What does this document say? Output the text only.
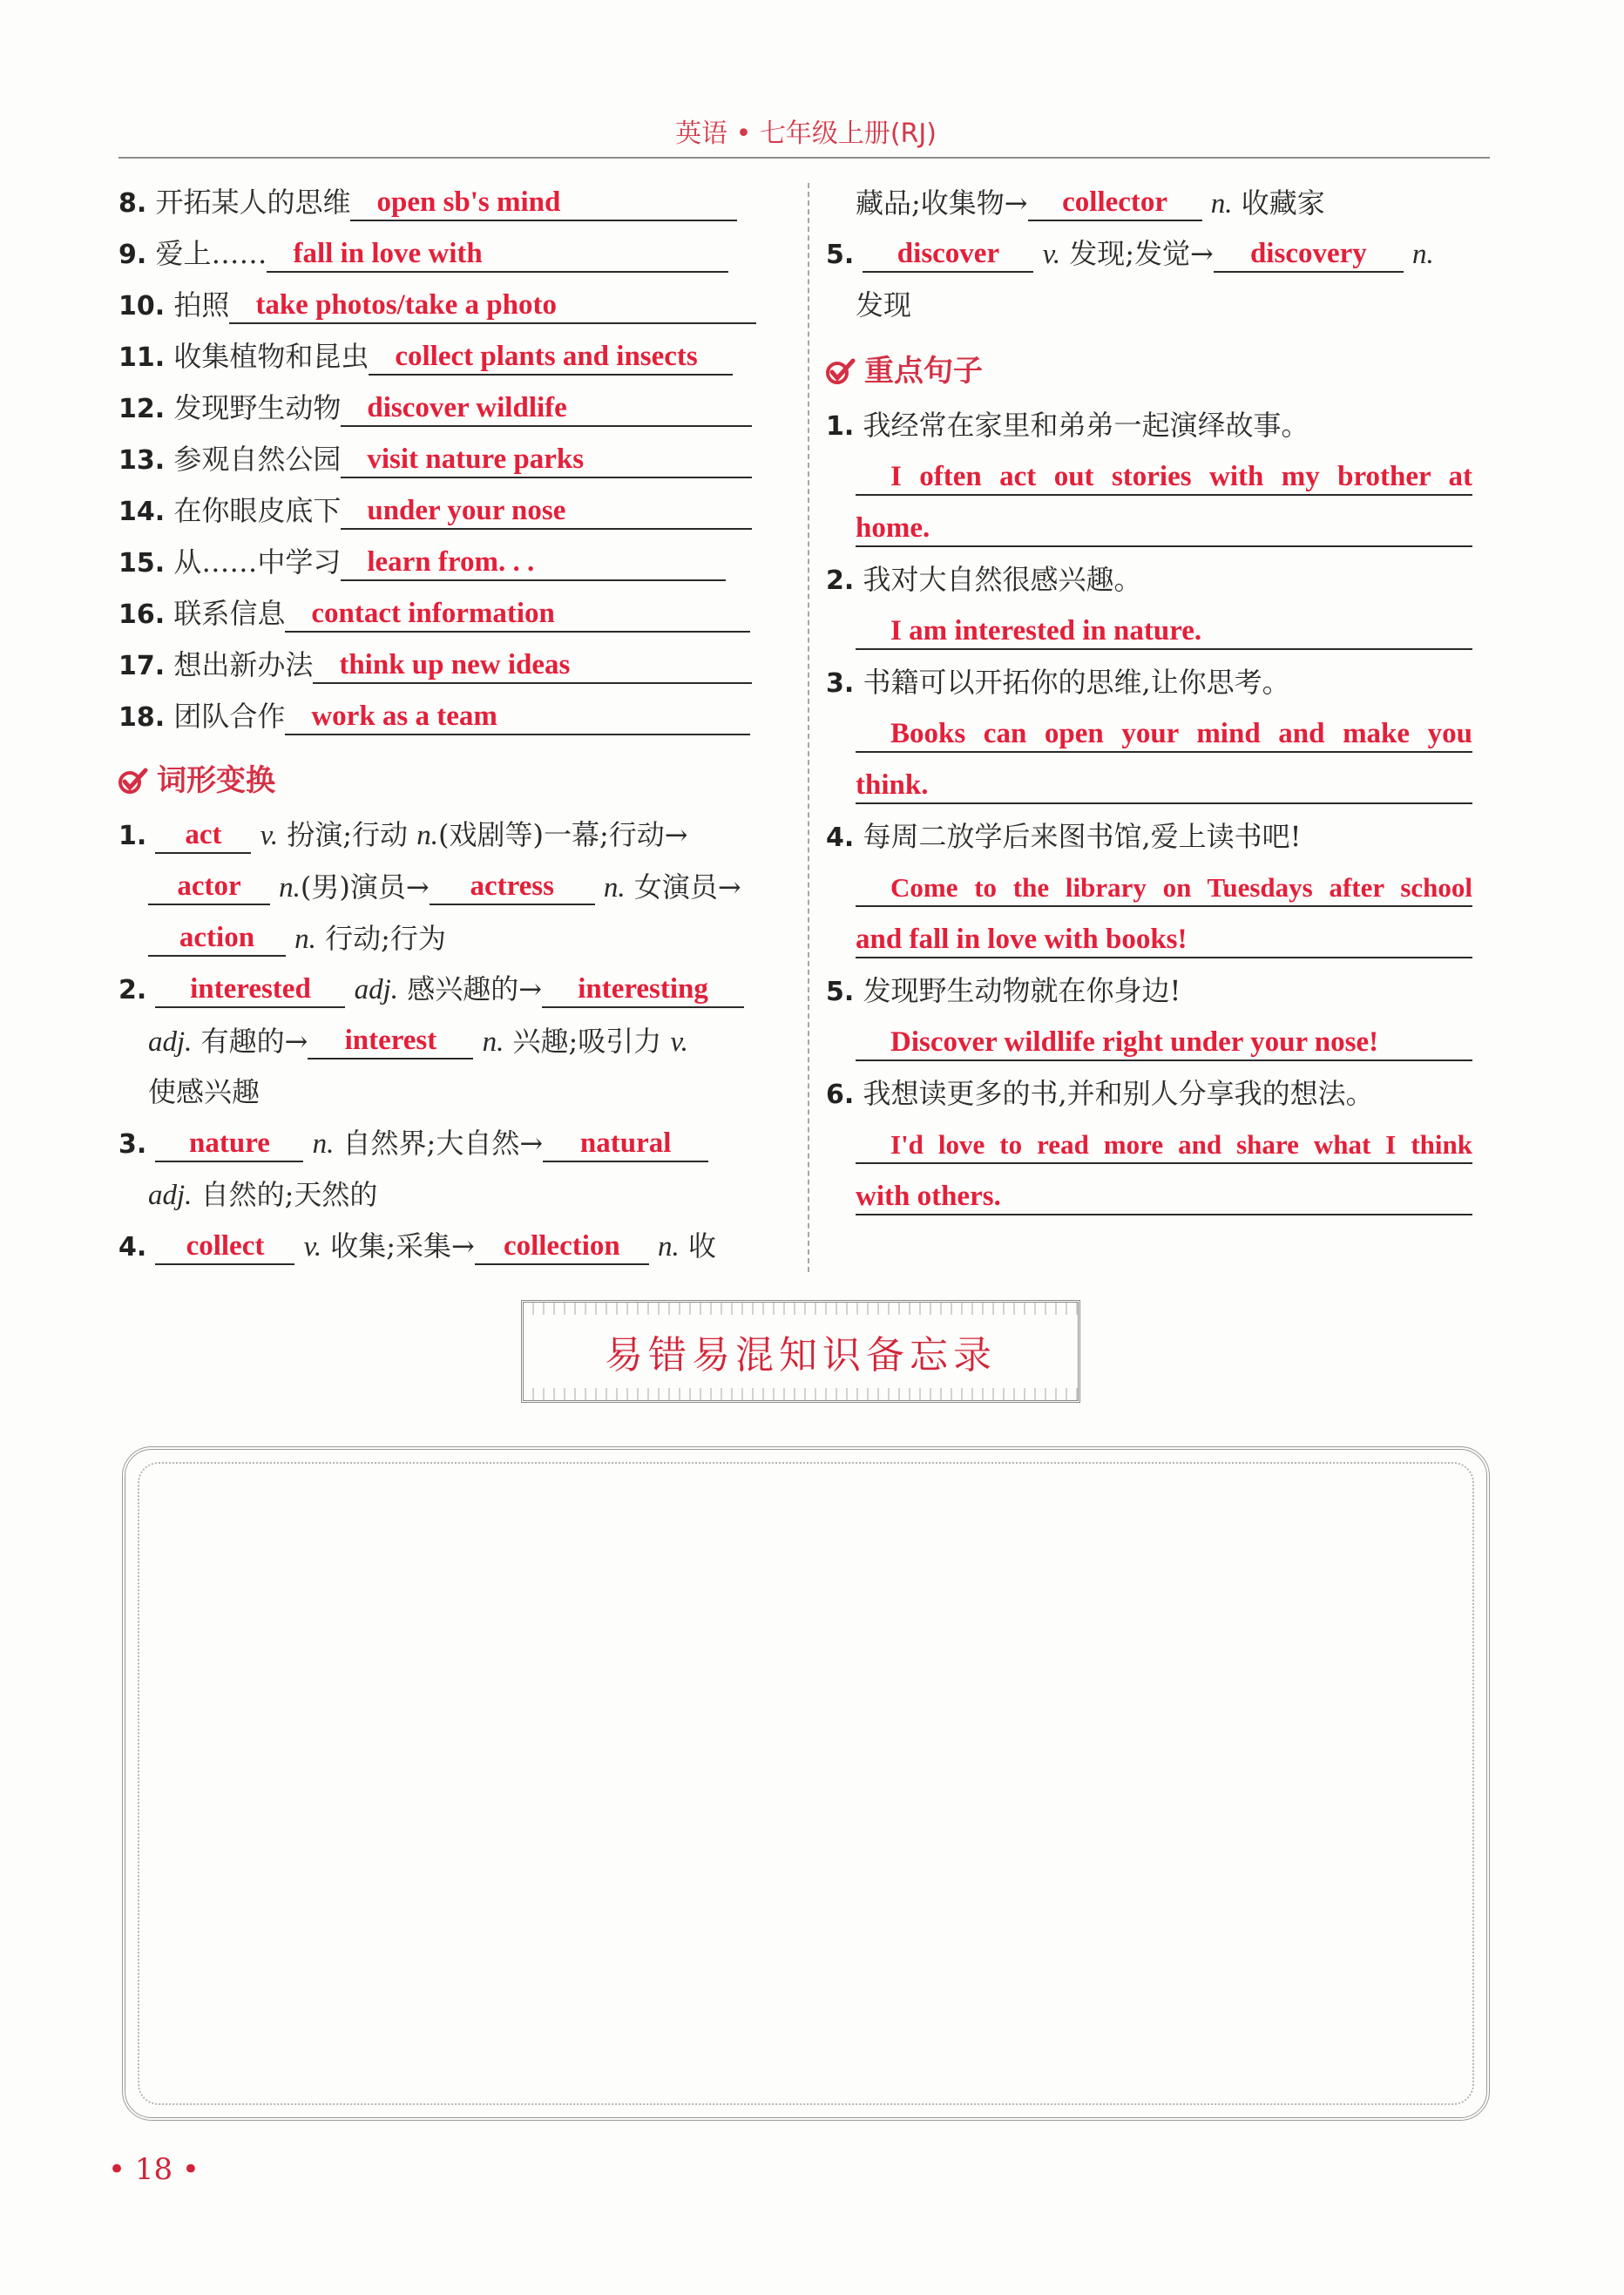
英语 • 七年级上册(RJ)
8. 开拓某人的思维 open sb's mind
9. 爱上…… fall in love with
10. 拍照 take photos/take a photo
11. 收集植物和昆虫 collect plants and insects
12. 发现野生动物 discover wildlife
13. 参观自然公园 visit nature parks
14. 在你眼皮底下 under your nose
15. 从……中学习 learn from. . .
16. 联系信息 contact information
17. 想出新办法 think up new ideas
18. 团队合作 work as a team
词形变换
1. act v. 扮演;行动 n.(戏剧等)一幕;行动→
actor n.(男)演员→ actress n. 女演员→
action n. 行动;行为
2. interested adj. 感兴趣的→ interesting
adj. 有趣的→ interest n. 兴趣;吸引力 v.
使感兴趣
3. nature n. 自然界;大自然→ natural
adj. 自然的;天然的
4. collect v. 收集;采集→ collection n. 收
藏品;收集物→ collector n. 收藏家
5. discover v. 发现;发觉→ discovery n.
发现
重点句子
1. 我经常在家里和弟弟一起演绎故事。
I often act out stories with my brother at
home.
2. 我对大自然很感兴趣。
I am interested in nature.
3. 书籍可以开拓你的思维,让你思考。
Books can open your mind and make you
think.
4. 每周二放学后来图书馆,爱上读书吧!
Come to the library on Tuesdays after school
and fall in love with books!
5. 发现野生动物就在你身边!
Discover wildlife right under your nose!
6. 我想读更多的书,并和别人分享我的想法。
I'd love to read more and share what I think
with others.
易错易混知识备忘录
• 18 •
